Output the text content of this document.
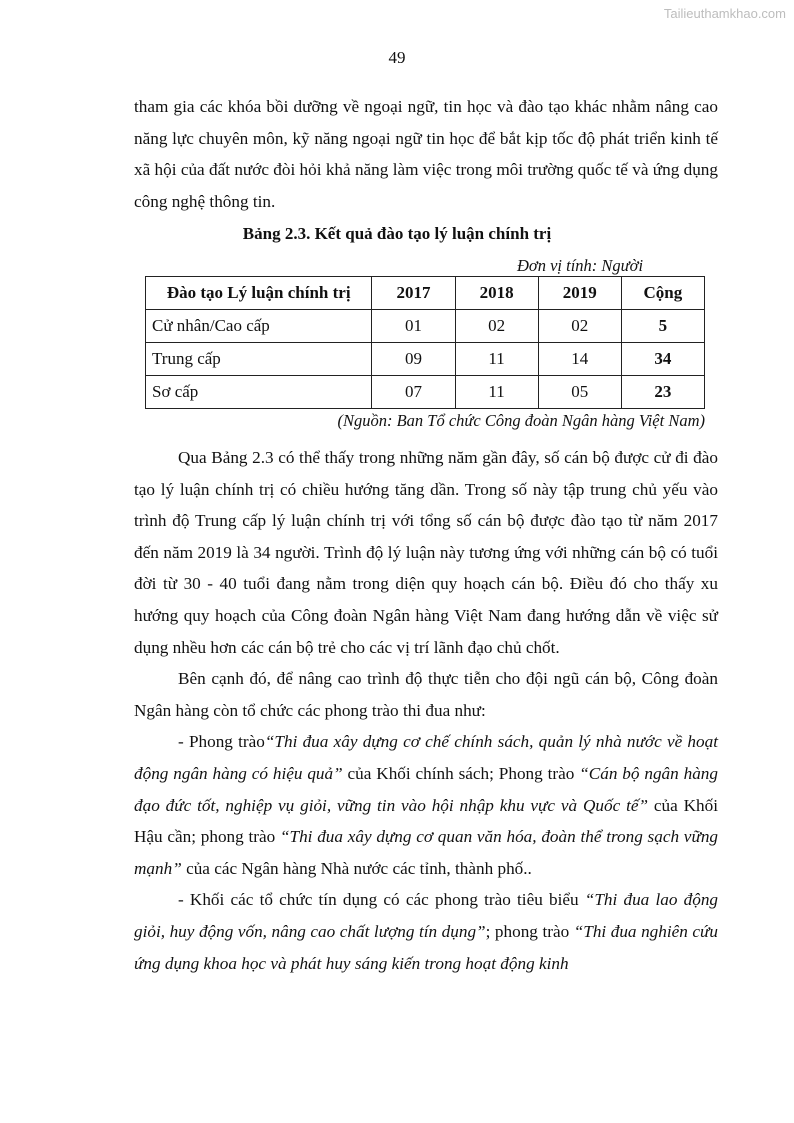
Tailieuthamkhao.com
49

tham gia các khóa bồi dưỡng về ngoại ngữ, tin học và đào tạo khác nhằm nâng cao năng lực chuyên môn, kỹ năng ngoại ngữ tin học để bắt kịp tốc độ phát triển kinh tế xã hội của đất nước đòi hỏi khả năng làm việc trong môi trường quốc tế và ứng dụng công nghệ thông tin.

Bảng 2.3. Kết quả đào tạo lý luận chính trị
Đơn vị tính: Người
Đào tạo Lý luận chính trị	2017	2018	2019	Cộng
Cử nhân/Cao cấp	01	02	02	5
Trung cấp	09	11	14	34
Sơ cấp	07	11	05	23
(Nguồn: Ban Tổ chức Công đoàn Ngân hàng Việt Nam)

Qua Bảng 2.3 có thể thấy trong những năm gần đây, số cán bộ được cử đi đào tạo lý luận chính trị có chiều hướng tăng dần. Trong số này tập trung chủ yếu vào trình độ Trung cấp lý luận chính trị với tổng số cán bộ được đào tạo từ năm 2017 đến năm 2019 là 34 người. Trình độ lý luận này tương ứng với những cán bộ có tuổi đời từ 30 - 40 tuổi đang nằm trong diện quy hoạch cán bộ. Điều đó cho thấy xu hướng quy hoạch của Công đoàn Ngân hàng Việt Nam đang hướng dẫn về việc sử dụng nhều hơn các cán bộ trẻ cho các vị trí lãnh đạo chủ chốt.

Bên cạnh đó, để nâng cao trình độ thực tiễn cho đội ngũ cán bộ, Công đoàn Ngân hàng còn tổ chức các phong trào thi đua như:

- Phong trào“Thi đua xây dựng cơ chế chính sách, quản lý nhà nước về hoạt động ngân hàng có hiệu quả” của Khối chính sách; Phong trào “Cán bộ ngân hàng đạo đức tốt, nghiệp vụ giỏi, vững tin vào hội nhập khu vực và Quốc tế” của Khối Hậu cần; phong trào “Thi đua xây dựng cơ quan văn hóa, đoàn thể trong sạch vững mạnh” của các Ngân hàng Nhà nước các tỉnh, thành phố..

- Khối các tổ chức tín dụng có các phong trào tiêu biểu “Thi đua lao động giỏi, huy động vốn, nâng cao chất lượng tín dụng”; phong trào “Thi đua nghiên cứu ứng dụng khoa học và phát huy sáng kiến trong hoạt động kinh
